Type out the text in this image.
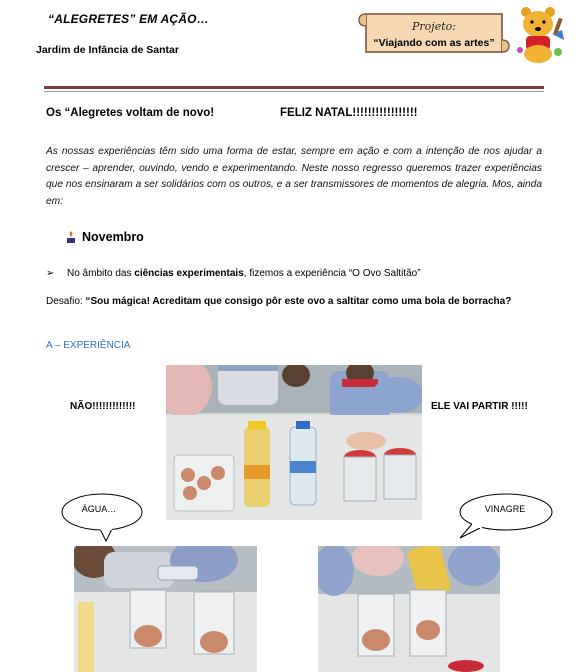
“ALEGRETES” EM AÇÃO…
Jardim de Infância de Santar
Projeto:
“Viajando com as artes”
Os “Alegretes voltam de novo!	FELIZ NATAL!!!!!!!!!!!!!!!!!
As nossas experiências têm sido uma forma de estar, sempre em ação e com a intenção de nos ajudar a crescer – aprender, ouvindo, vendo e experimentando. Neste nosso regresso queremos trazer experiências que nos ensinaram a ser solidários com os outros, e a ser transmissores de momentos de alegria. Mos, ainda em:
Novembro
➢ No âmbito das ciências experimentais, fizemos a experiência “O Ovo Saltitão”
Desafio: “Sou mágica! Acreditam que consigo pôr este ovo a saltitar como uma bola de borracha?
A – EXPERIÊNCIA
NÃO!!!!!!!!!!!!!	ELE VAI PARTIR !!!!!
ÁGUA…	VINAGRE
